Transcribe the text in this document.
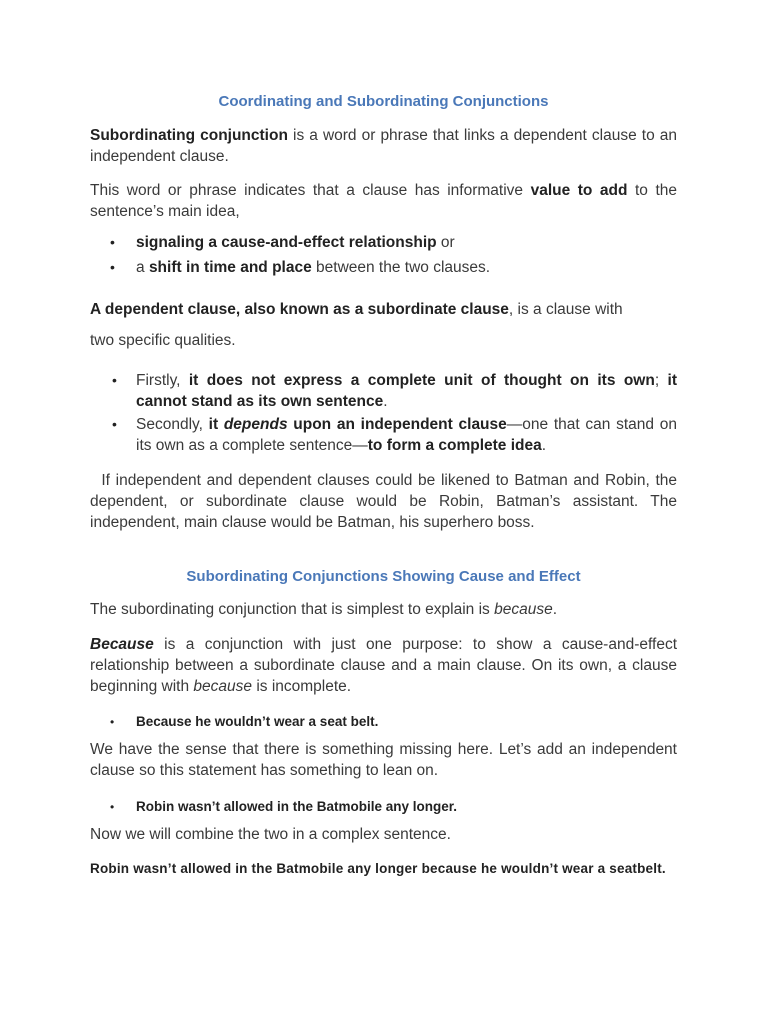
Coordinating and Subordinating Conjunctions

Subordinating conjunction is a word or phrase that links a dependent clause to an independent clause.

This word or phrase indicates that a clause has informative value to add to the sentence’s main idea,

• signaling a cause-and-effect relationship or
• a shift in time and place between the two clauses.

A dependent clause, also known as a subordinate clause, is a clause with

two specific qualities.

• Firstly, it does not express a complete unit of thought on its own; it cannot stand as its own sentence.
• Secondly, it depends upon an independent clause—one that can stand on its own as a complete sentence—to form a complete idea.

If independent and dependent clauses could be likened to Batman and Robin, the dependent, or subordinate clause would be Robin, Batman’s assistant. The independent, main clause would be Batman, his superhero boss.

Subordinating Conjunctions Showing Cause and Effect

The subordinating conjunction that is simplest to explain is because.

Because is a conjunction with just one purpose: to show a cause-and-effect relationship between a subordinate clause and a main clause. On its own, a clause beginning with because is incomplete.

• Because he wouldn’t wear a seat belt.

We have the sense that there is something missing here. Let’s add an independent clause so this statement has something to lean on.

• Robin wasn’t allowed in the Batmobile any longer.

Now we will combine the two in a complex sentence.

Robin wasn’t allowed in the Batmobile any longer because he wouldn’t wear a seatbelt.
